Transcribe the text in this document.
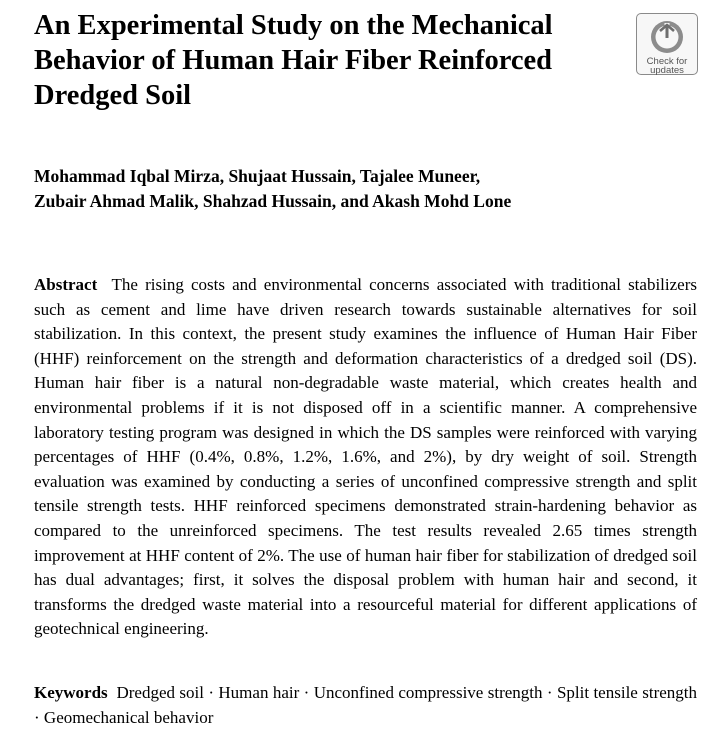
An Experimental Study on the Mechanical
Behavior of Human Hair Fiber Reinforced
Dredged Soil
Check for
updates
Mohammad Iqbal Mirza, Shujaat Hussain, Tajalee Muneer,
Zubair Ahmad Malik, Shahzad Hussain, and Akash Mohd Lone
Abstract The rising costs and environmental concerns associated with traditional stabilizers such as cement and lime have driven research towards sustainable alternatives for soil stabilization. In this context, the present study examines the influence of Human Hair Fiber (HHF) reinforcement on the strength and deformation characteristics of a dredged soil (DS). Human hair fiber is a natural non-degradable waste material, which creates health and environmental problems if it is not disposed off in a scientific manner. A comprehensive laboratory testing program was designed in which the DS samples were reinforced with varying percentages of HHF (0.4%, 0.8%, 1.2%, 1.6%, and 2%), by dry weight of soil. Strength evaluation was examined by conducting a series of unconfined compressive strength and split tensile strength tests. HHF reinforced specimens demonstrated strain-hardening behavior as compared to the unreinforced specimens. The test results revealed 2.65 times strength improvement at HHF content of 2%. The use of human hair fiber for stabilization of dredged soil has dual advantages; first, it solves the disposal problem with human hair and second, it transforms the dredged waste material into a resourceful material for different applications of geotechnical engineering.
Keywords Dredged soil · Human hair · Unconfined compressive strength · Split tensile strength · Geomechanical behavior
